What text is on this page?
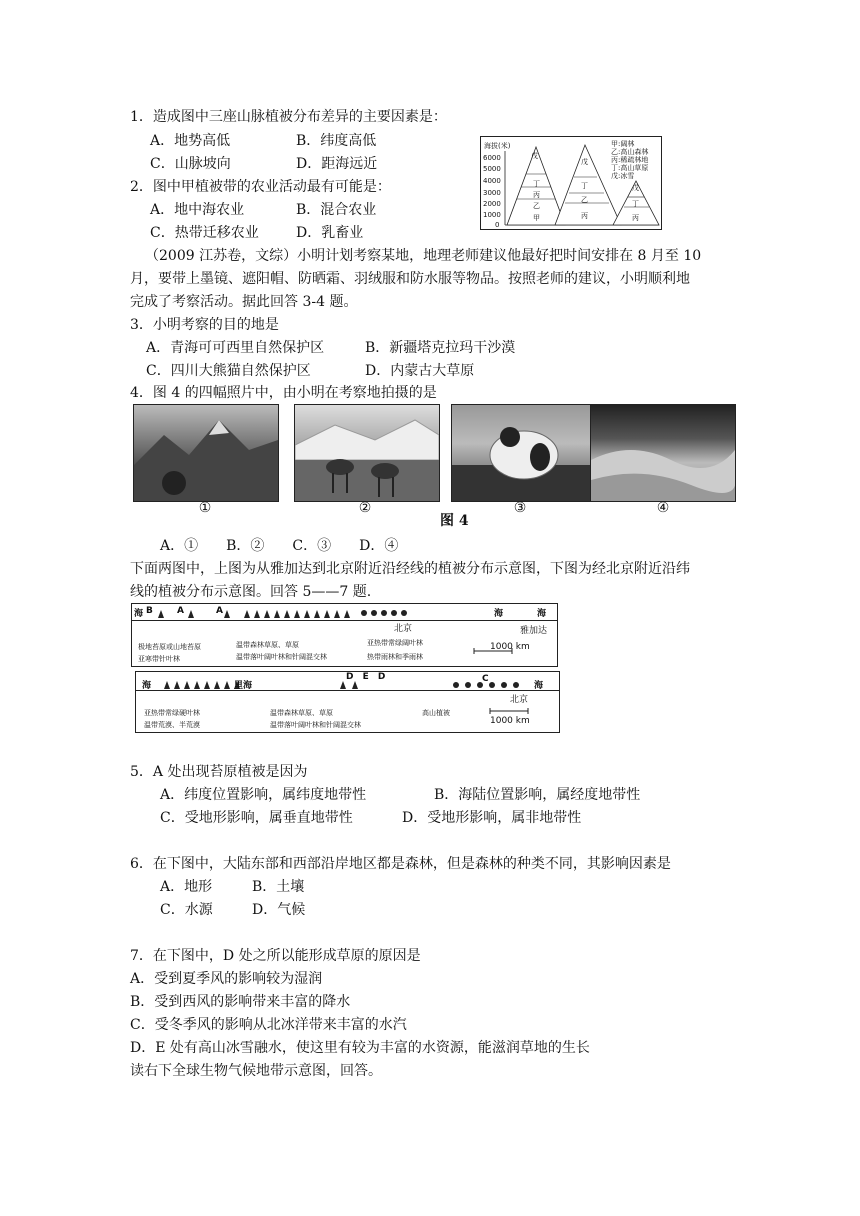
1．造成图中三座山脉植被分布差异的主要因素是：
A．地势高低	B．纬度高低
C．山脉坡向	D．距海远近
2．图中甲植被带的农业活动最有可能是：
A．地中海农业	B．混合农业
C．热带迁移农业	D．乳畜业
海拔(米)
6000
5000
4000
3000
2000
1000
0
戊
丁
丙
乙
甲
戊
丁
乙
丙
戊
丁
丙
甲:阔林
乙:高山森林
丙:稀疏林地
丁:高山草原
戊:冰雪
（2009 江苏卷，文综）小明计划考察某地，地理老师建议他最好把时间安排在 8 月至 10
月，要带上墨镜、遮阳帽、防晒霜、羽绒服和防水服等物品。按照老师的建议，小明顺利地
完成了考察活动。据此回答 3-4 题。
3．小明考察的目的地是
A．青海可可西里自然保护区	B．新疆塔克拉玛干沙漠
C．四川大熊猫自然保护区	D．内蒙古大草原
4．图 4 的四幅照片中，由小明在考察地拍摄的是
①	②	③	④
图 4
A．①　　B．②　　C．③　　D．④
下面两图中，上图为从雅加达到北京附近沿经线的植被分布示意图，下图为经北京附近沿纬
线的植被分布示意图。回答 5——7 题.
海 B	A	A	海	海
北京	雅加达
极地苔原或山地苔原	温带森林草原、草原	亚热带常绿阔叶林
亚寒带针叶林	温带落叶阔叶林和针阔混交林	热带雨林和季雨林
1000 km
海	里海
D E D	C
海
北京
亚热带常绿硬叶林	温带森林草原、草原	高山植被
温带荒漠、半荒漠	温带落叶阔叶林和针阔混交林	1000 km
5．A 处出现苔原植被是因为
A．纬度位置影响，属纬度地带性	B．海陆位置影响，属经度地带性
C．受地形影响，属垂直地带性	D．受地形影响，属非地带性
6．在下图中，大陆东部和西部沿岸地区都是森林，但是森林的种类不同，其影响因素是
A．地形	B．土壤
C．水源	D．气候
7．在下图中，D 处之所以能形成草原的原因是
A．受到夏季风的影响较为湿润
B．受到西风的影响带来丰富的降水
C．受冬季风的影响从北冰洋带来丰富的水汽
D．E 处有高山冰雪融水，使这里有较为丰富的水资源，能滋润草地的生长
读右下全球生物气候地带示意图，回答。
